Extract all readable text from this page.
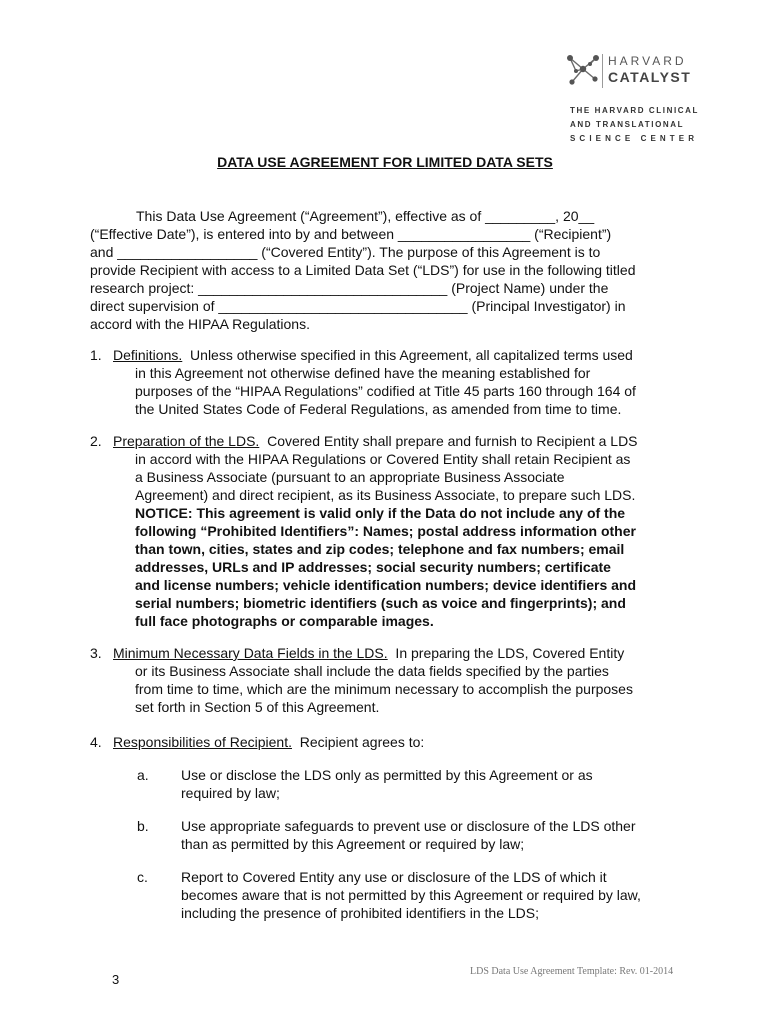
HARVARD
CATALYST
THE HARVARD CLINICAL
AND TRANSLATIONAL
SCIENCE CENTER
DATA USE AGREEMENT FOR LIMITED DATA SETS
This Data Use Agreement (“Agreement”), effective as of _________, 20__
(“Effective Date”), is entered into by and between _________________ (“Recipient”)
and __________________ (“Covered Entity”). The purpose of this Agreement is to
provide Recipient with access to a Limited Data Set (“LDS”) for use in the following titled
research project: ________________________________ (Project Name) under the
direct supervision of ________________________________ (Principal Investigator) in
accord with the HIPAA Regulations.
1. Definitions.  Unless otherwise specified in this Agreement, all capitalized terms used
in this Agreement not otherwise defined have the meaning established for
purposes of the “HIPAA Regulations” codified at Title 45 parts 160 through 164 of
the United States Code of Federal Regulations, as amended from time to time.
2. Preparation of the LDS.  Covered Entity shall prepare and furnish to Recipient a LDS
in accord with the HIPAA Regulations or Covered Entity shall retain Recipient as
a Business Associate (pursuant to an appropriate Business Associate
Agreement) and direct recipient, as its Business Associate, to prepare such LDS.
NOTICE: This agreement is valid only if the Data do not include any of the
following “Prohibited Identifiers”: Names; postal address information other
than town, cities, states and zip codes; telephone and fax numbers; email
addresses, URLs and IP addresses; social security numbers; certificate
and license numbers; vehicle identification numbers; device identifiers and
serial numbers; biometric identifiers (such as voice and fingerprints); and
full face photographs or comparable images.
3. Minimum Necessary Data Fields in the LDS.  In preparing the LDS, Covered Entity
or its Business Associate shall include the data fields specified by the parties
from time to time, which are the minimum necessary to accomplish the purposes
set forth in Section 5 of this Agreement.
4. Responsibilities of Recipient.  Recipient agrees to:
a. Use or disclose the LDS only as permitted by this Agreement or as
required by law;
b. Use appropriate safeguards to prevent use or disclosure of the LDS other
than as permitted by this Agreement or required by law;
c. Report to Covered Entity any use or disclosure of the LDS of which it
becomes aware that is not permitted by this Agreement or required by law,
including the presence of prohibited identifiers in the LDS;
3
LDS Data Use Agreement Template: Rev. 01-2014
